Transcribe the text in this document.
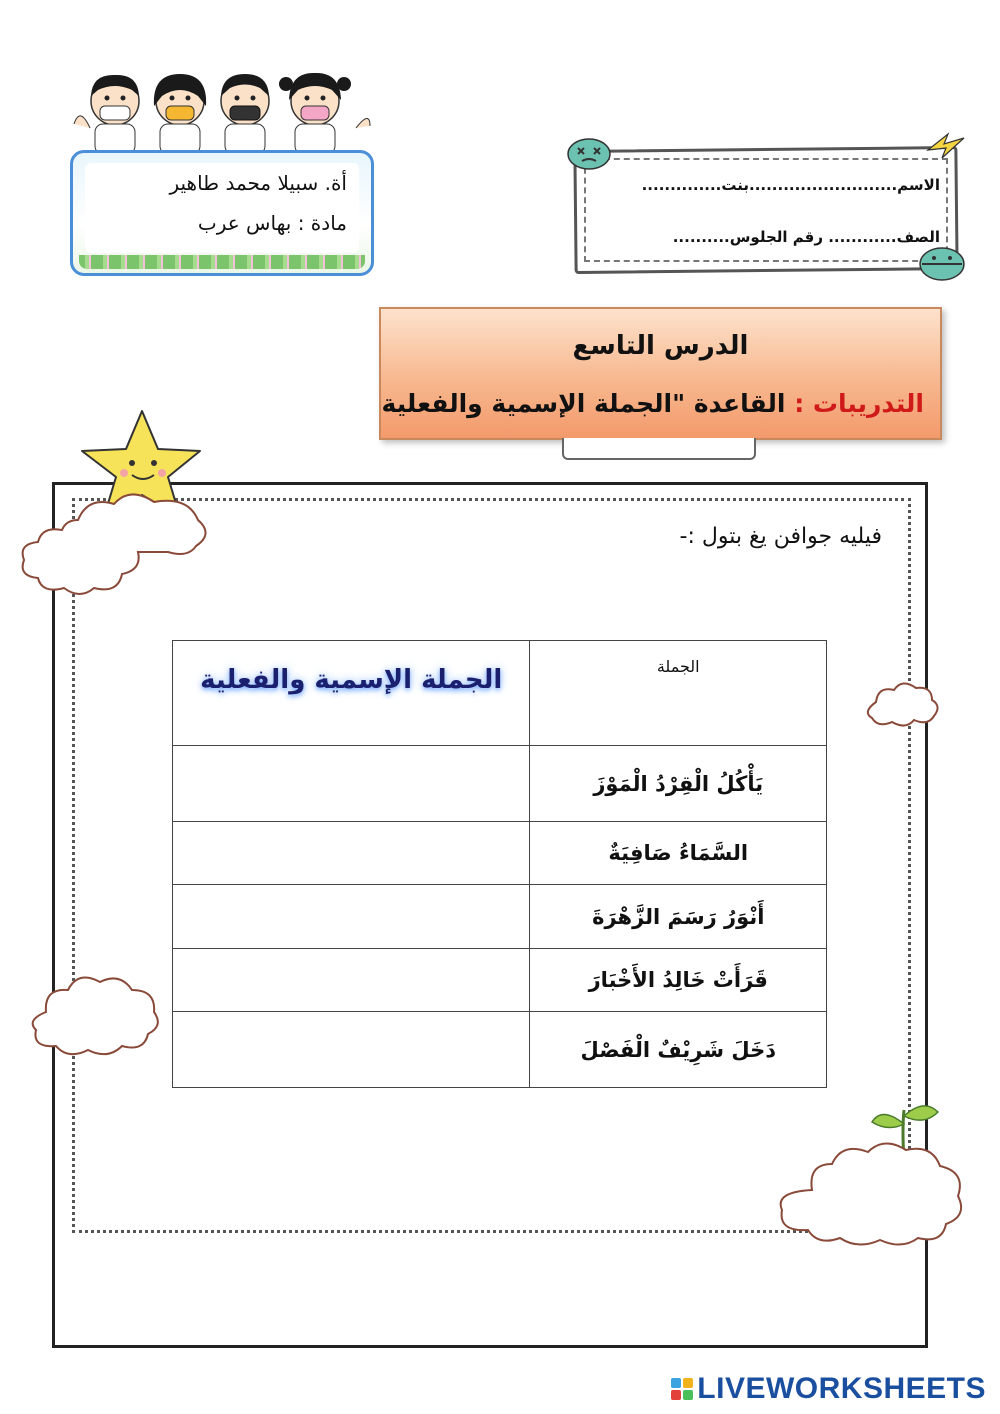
أة. سبيلا محمد طاهير
مادة : بهاس عرب
الاسم..........................بنت..............
الصف............ رقم الجلوس..........
الدرس التاسع
التدريبات : القاعدة "الجملة الإسمية والفعلية
فيليه جوافن يغ بتول :-
الجملة	الجملة الإسمية والفعلية

يَأْكُلُ الْقِرْدُ الْمَوْزَ	
السَّمَاءُ صَافِيَةٌ	
أَنْوَرُ رَسَمَ الزَّهْرَةَ	
قَرَأَتْ خَالِدُ الأَخْبَارَ	
دَخَلَ شَرِيْفٌ الْفَصْلَ	
LIVEWORKSHEETS
